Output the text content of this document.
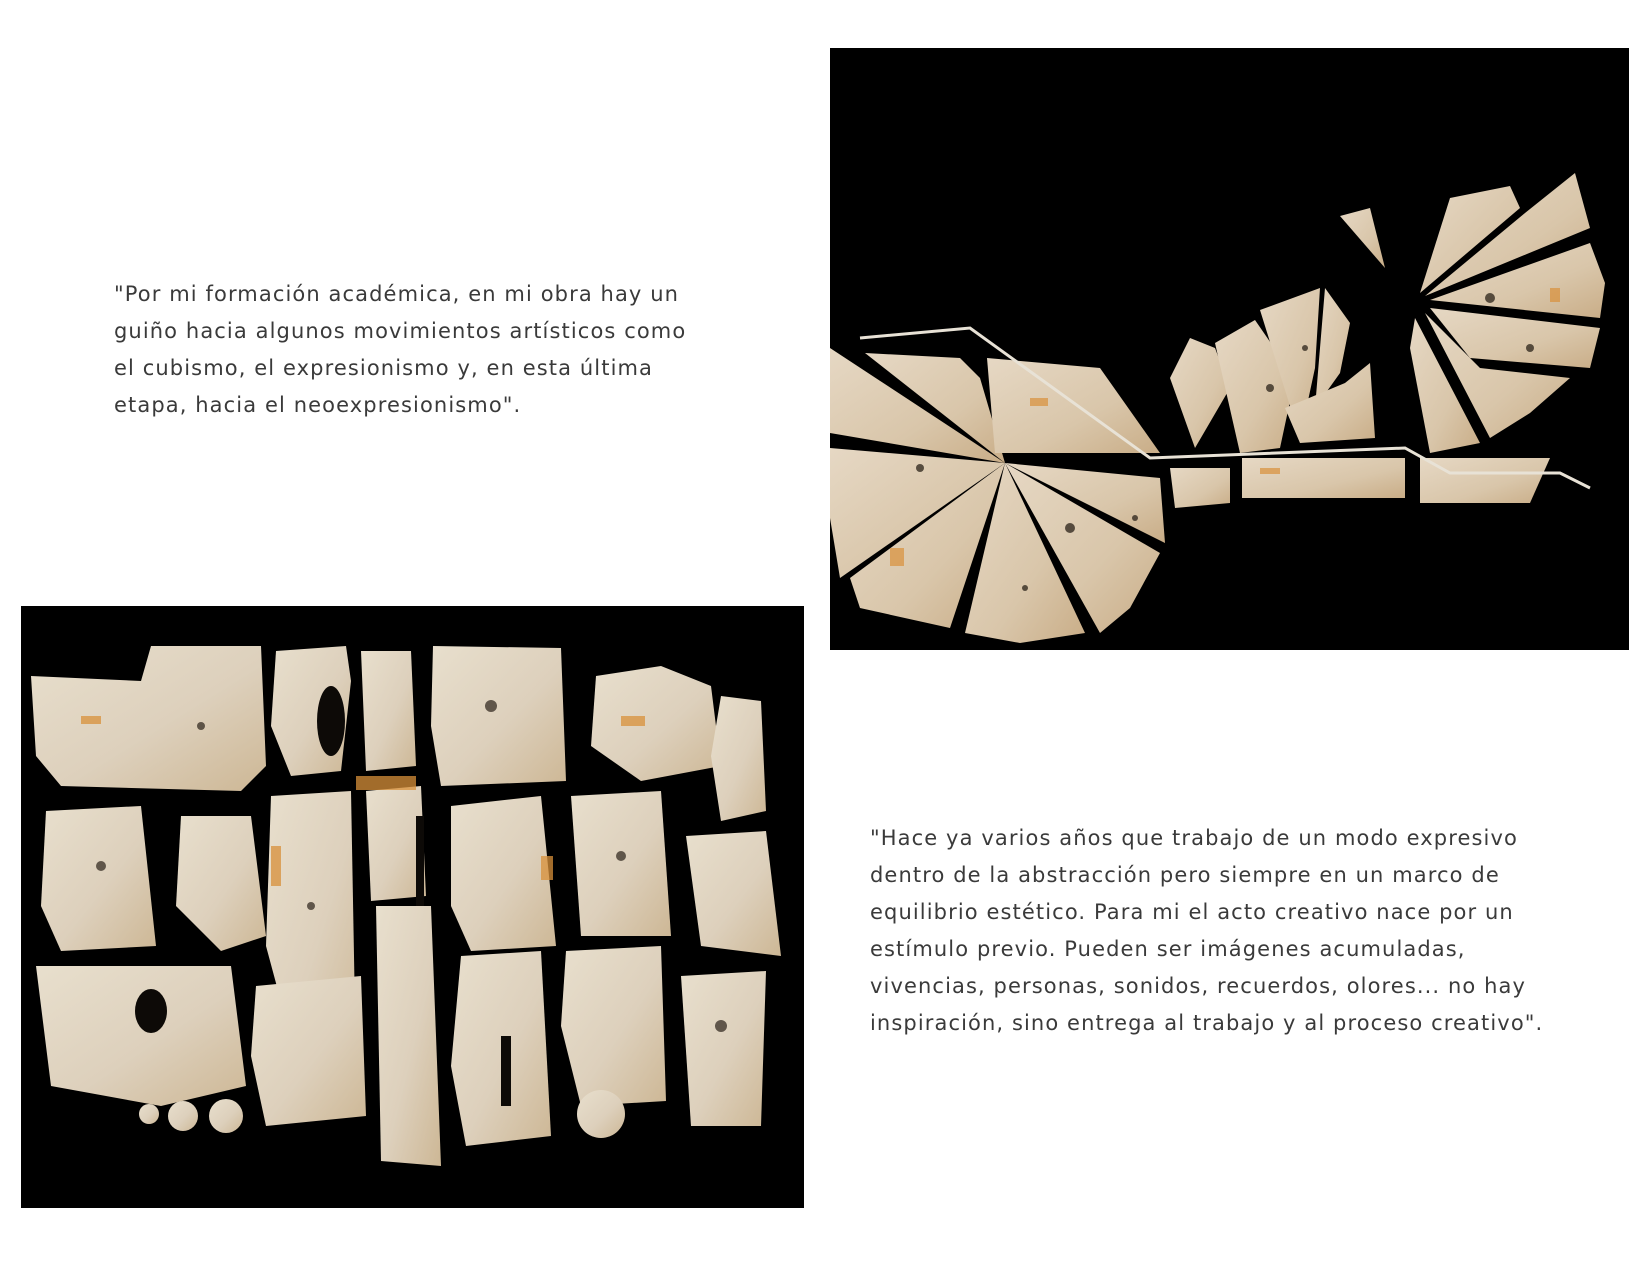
"Por mi formación académica, en mi obra hay un
guiño hacia algunos movimientos artísticos como
el cubismo, el expresionismo y, en esta última
etapa, hacia el neoexpresionismo".

"Hace ya varios años que trabajo de un modo expresivo
dentro de la abstracción pero siempre en un marco de
equilibrio estético. Para mi el acto creativo nace por un
estímulo previo. Pueden ser imágenes acumuladas,
vivencias, personas, sonidos, recuerdos, olores... no hay
inspiración, sino entrega al trabajo y al proceso creativo".
